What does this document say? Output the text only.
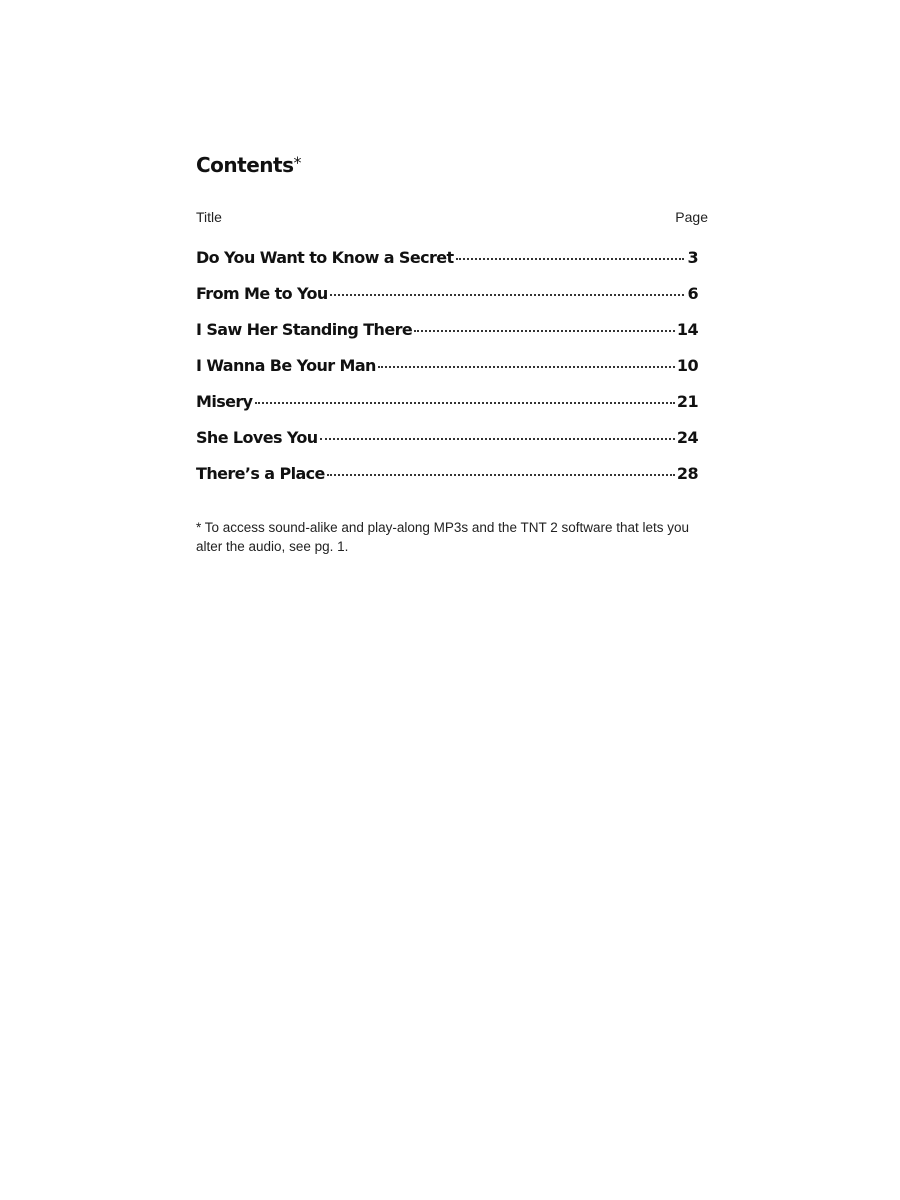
Contents*
Title	Page
Do You Want to Know a Secret	3
From Me to You	6
I Saw Her Standing There	14
I Wanna Be Your Man	10
Misery	21
She Loves You	24
There’s a Place	28

* To access sound-alike and play-along MP3s and the TNT 2 software that lets you alter the audio, see pg. 1.
